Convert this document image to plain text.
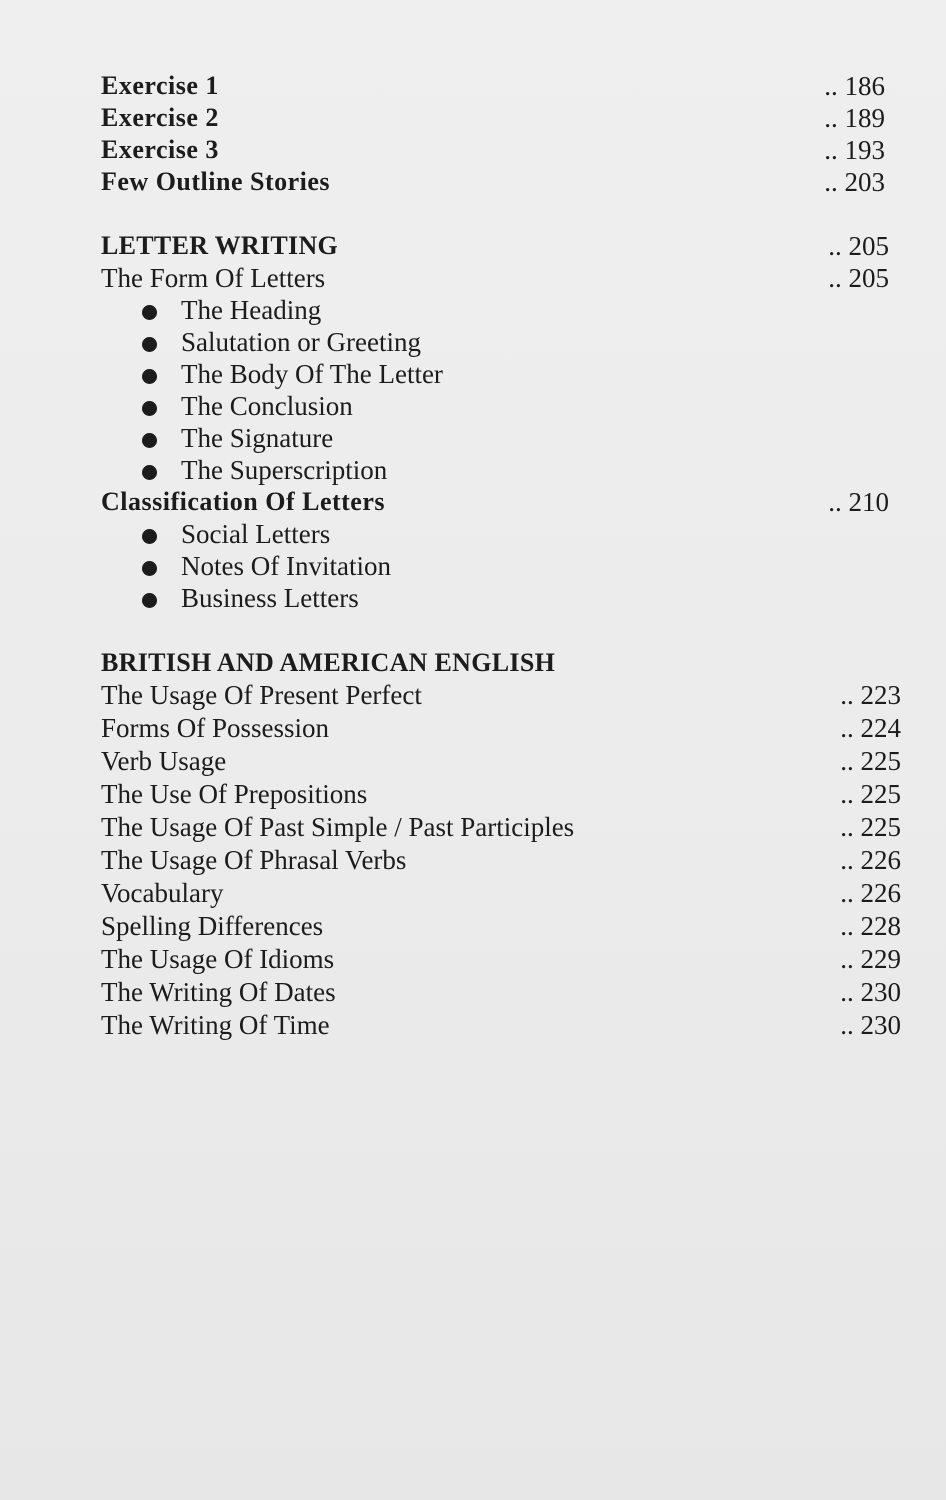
Exercise 1	.. 186
Exercise 2	.. 189
Exercise 3	.. 193
Few Outline Stories	.. 203
LETTER WRITING	.. 205
The Form Of Letters	.. 205
The Heading
Salutation or Greeting
The Body Of The Letter
The Conclusion
The Signature
The Superscription
Classification Of Letters	.. 210
Social Letters
Notes Of Invitation
Business Letters
BRITISH AND AMERICAN ENGLISH
The Usage Of Present Perfect	.. 223
Forms Of Possession	.. 224
Verb Usage	.. 225
The Use Of Prepositions	.. 225
The Usage Of Past Simple / Past Participles	.. 225
The Usage Of Phrasal Verbs	.. 226
Vocabulary	.. 226
Spelling Differences	.. 228
The Usage Of Idioms	.. 229
The Writing Of Dates	.. 230
The Writing Of Time	.. 230
